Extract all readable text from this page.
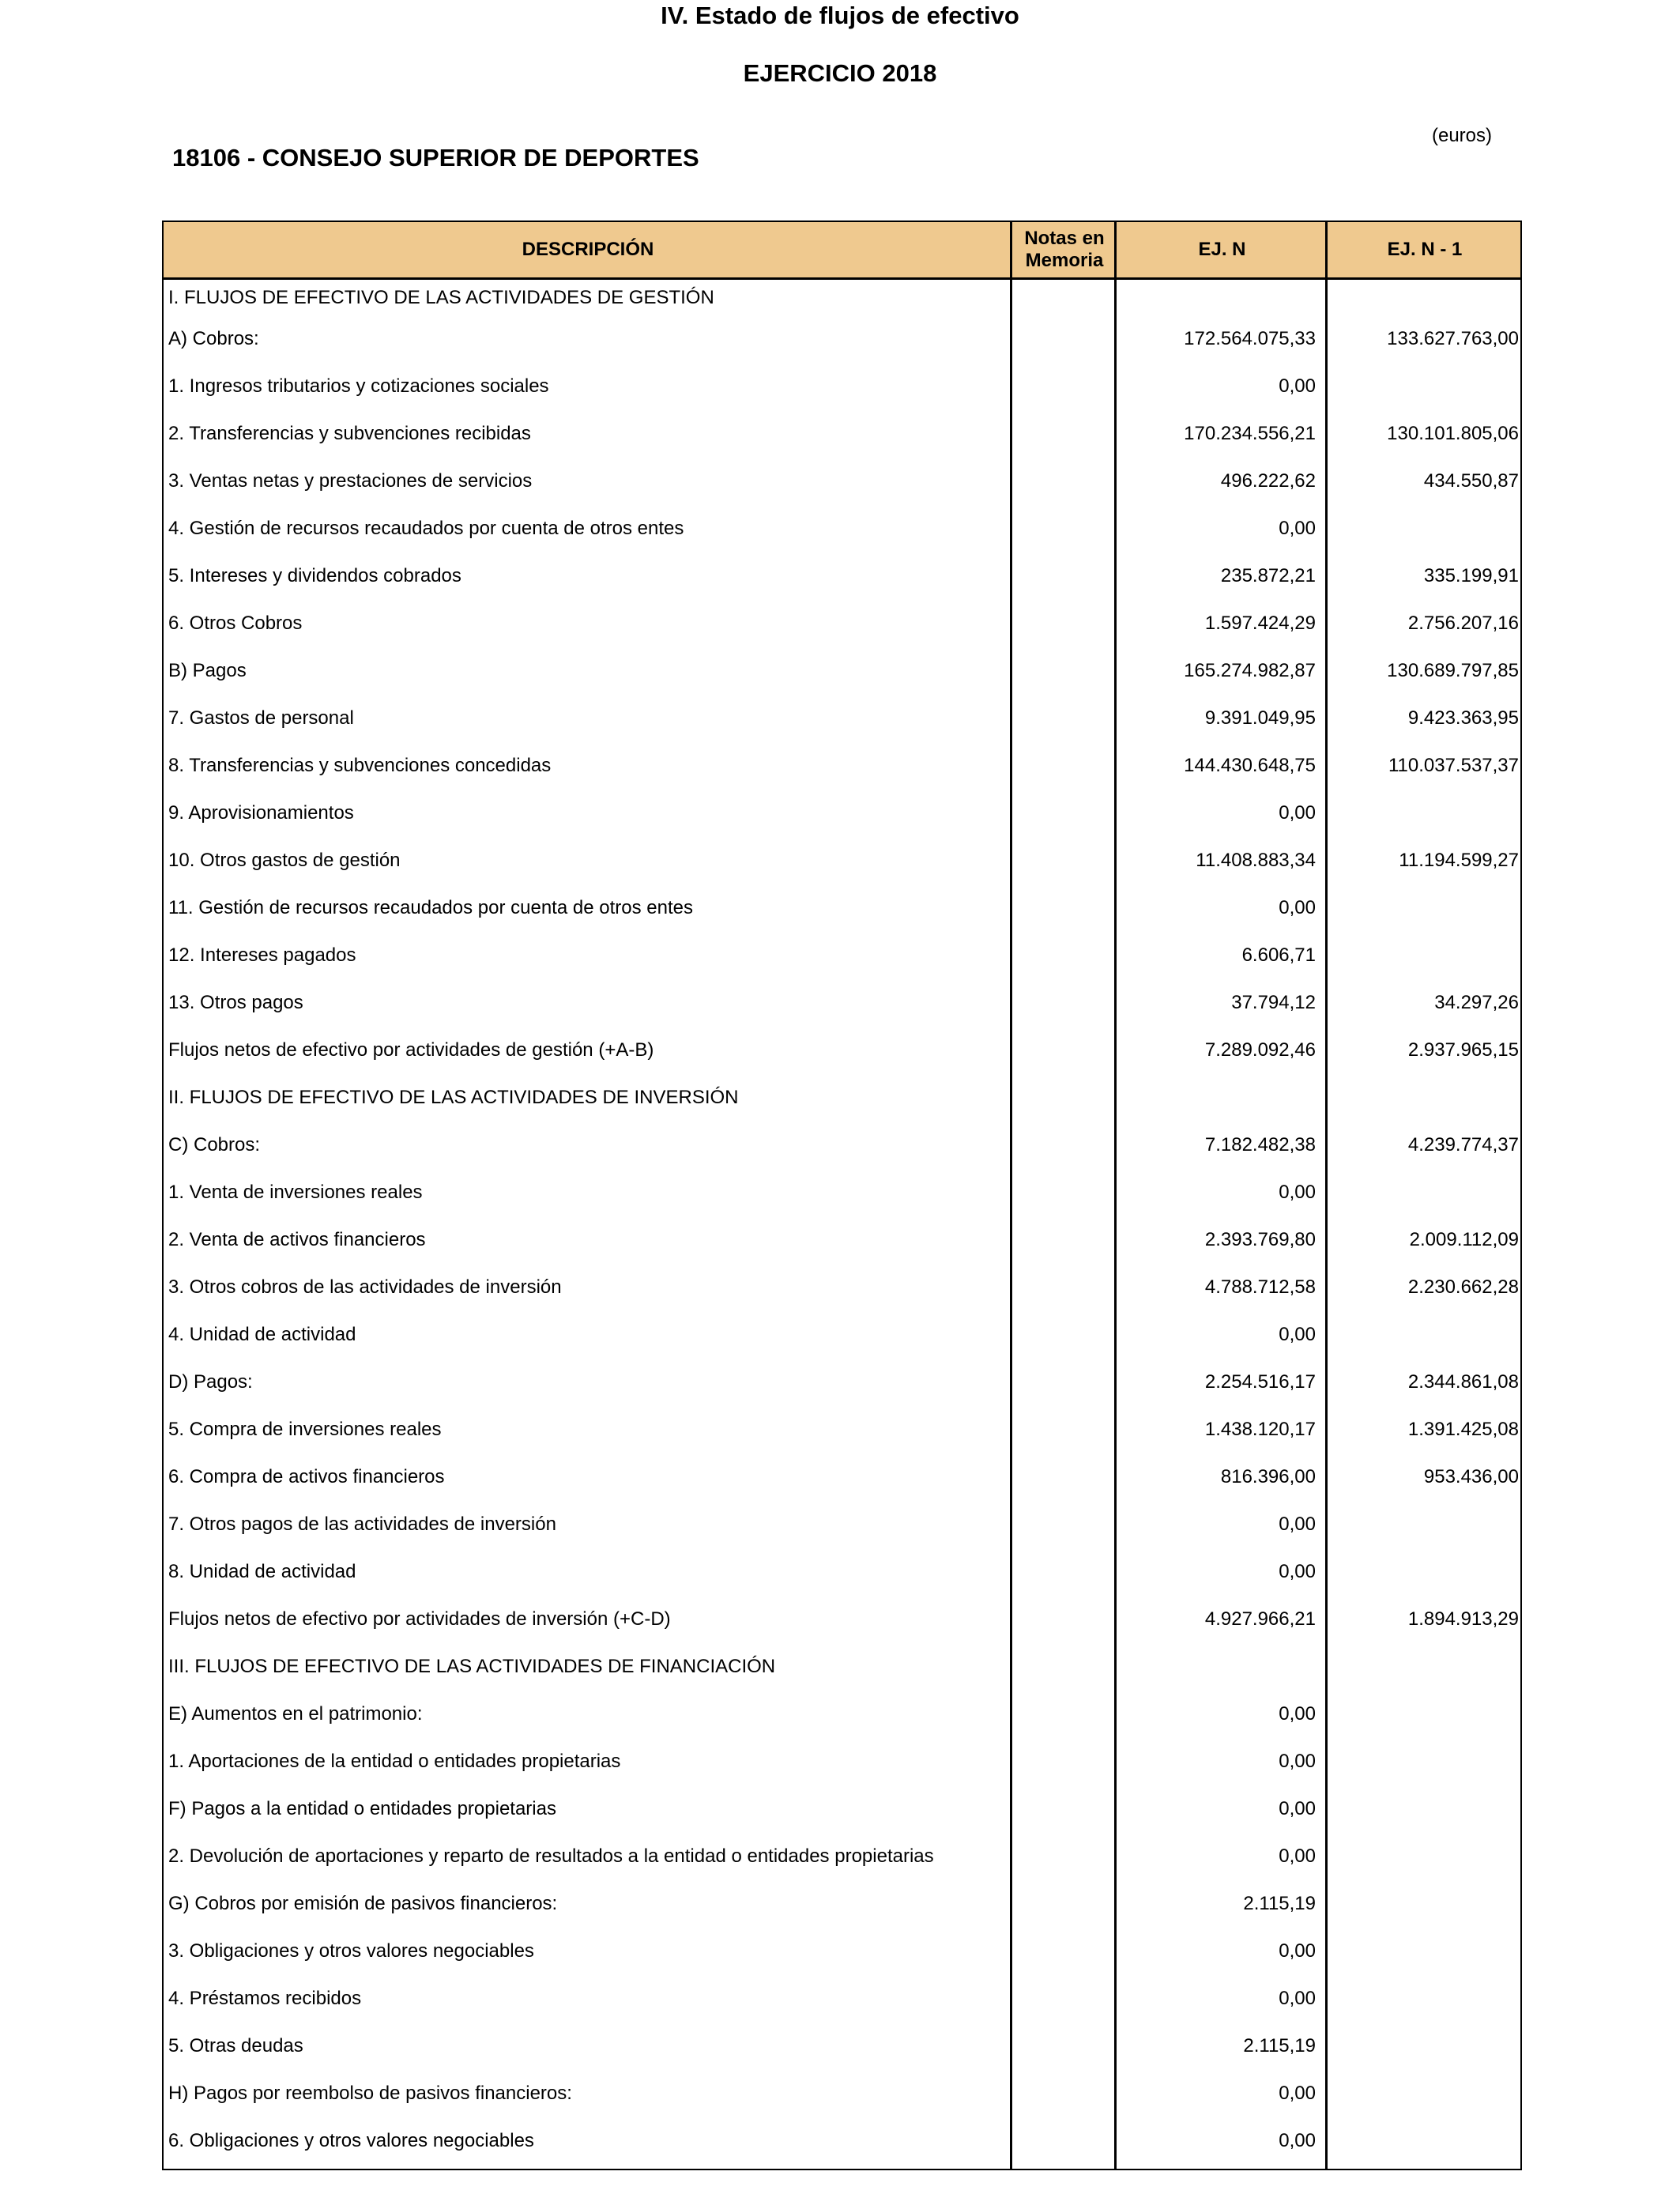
IV. Estado de flujos de efectivo
EJERCICIO 2018
(euros)
18106 - CONSEJO SUPERIOR DE DEPORTES
DESCRIPCIÓN
Notas en Memoria
EJ. N	EJ. N - 1
I. FLUJOS DE EFECTIVO DE LAS ACTIVIDADES DE GESTIÓN
A) Cobros:	172.564.075,33	133.627.763,00
1. Ingresos tributarios y cotizaciones sociales	0,00
2. Transferencias y subvenciones recibidas	170.234.556,21	130.101.805,06
3. Ventas netas y prestaciones de servicios	496.222,62	434.550,87
4. Gestión de recursos recaudados por cuenta de otros entes	0,00
5. Intereses y dividendos cobrados	235.872,21	335.199,91
6. Otros Cobros	1.597.424,29	2.756.207,16
B) Pagos	165.274.982,87	130.689.797,85
7. Gastos de personal	9.391.049,95	9.423.363,95
8. Transferencias y subvenciones concedidas	144.430.648,75	110.037.537,37
9. Aprovisionamientos	0,00
10. Otros gastos de gestión	11.408.883,34	11.194.599,27
11. Gestión de recursos recaudados por cuenta de otros entes	0,00
12. Intereses pagados	6.606,71
13. Otros pagos	37.794,12	34.297,26
Flujos netos de efectivo por actividades de gestión (+A-B)	7.289.092,46	2.937.965,15
II. FLUJOS DE EFECTIVO DE LAS ACTIVIDADES DE INVERSIÓN
C) Cobros:	7.182.482,38	4.239.774,37
1. Venta de inversiones reales	0,00
2. Venta de activos financieros	2.393.769,80	2.009.112,09
3. Otros cobros de las actividades de inversión	4.788.712,58	2.230.662,28
4. Unidad de actividad	0,00
D) Pagos:	2.254.516,17	2.344.861,08
5. Compra de inversiones reales	1.438.120,17	1.391.425,08
6. Compra de activos financieros	816.396,00	953.436,00
7. Otros pagos de las actividades de inversión	0,00
8. Unidad de actividad	0,00
Flujos netos de efectivo por actividades de inversión (+C-D)	4.927.966,21	1.894.913,29
III. FLUJOS DE EFECTIVO DE LAS ACTIVIDADES DE FINANCIACIÓN
E) Aumentos en el patrimonio:	0,00
1. Aportaciones de la entidad o entidades propietarias	0,00
F) Pagos a la entidad o entidades propietarias	0,00
2. Devolución de aportaciones y reparto de resultados a la entidad o entidades propietarias	0,00
G) Cobros por emisión de pasivos financieros:	2.115,19
3. Obligaciones y otros valores negociables	0,00
4. Préstamos recibidos	0,00
5. Otras deudas	2.115,19
H) Pagos por reembolso de pasivos financieros:	0,00
6. Obligaciones y otros valores negociables	0,00
